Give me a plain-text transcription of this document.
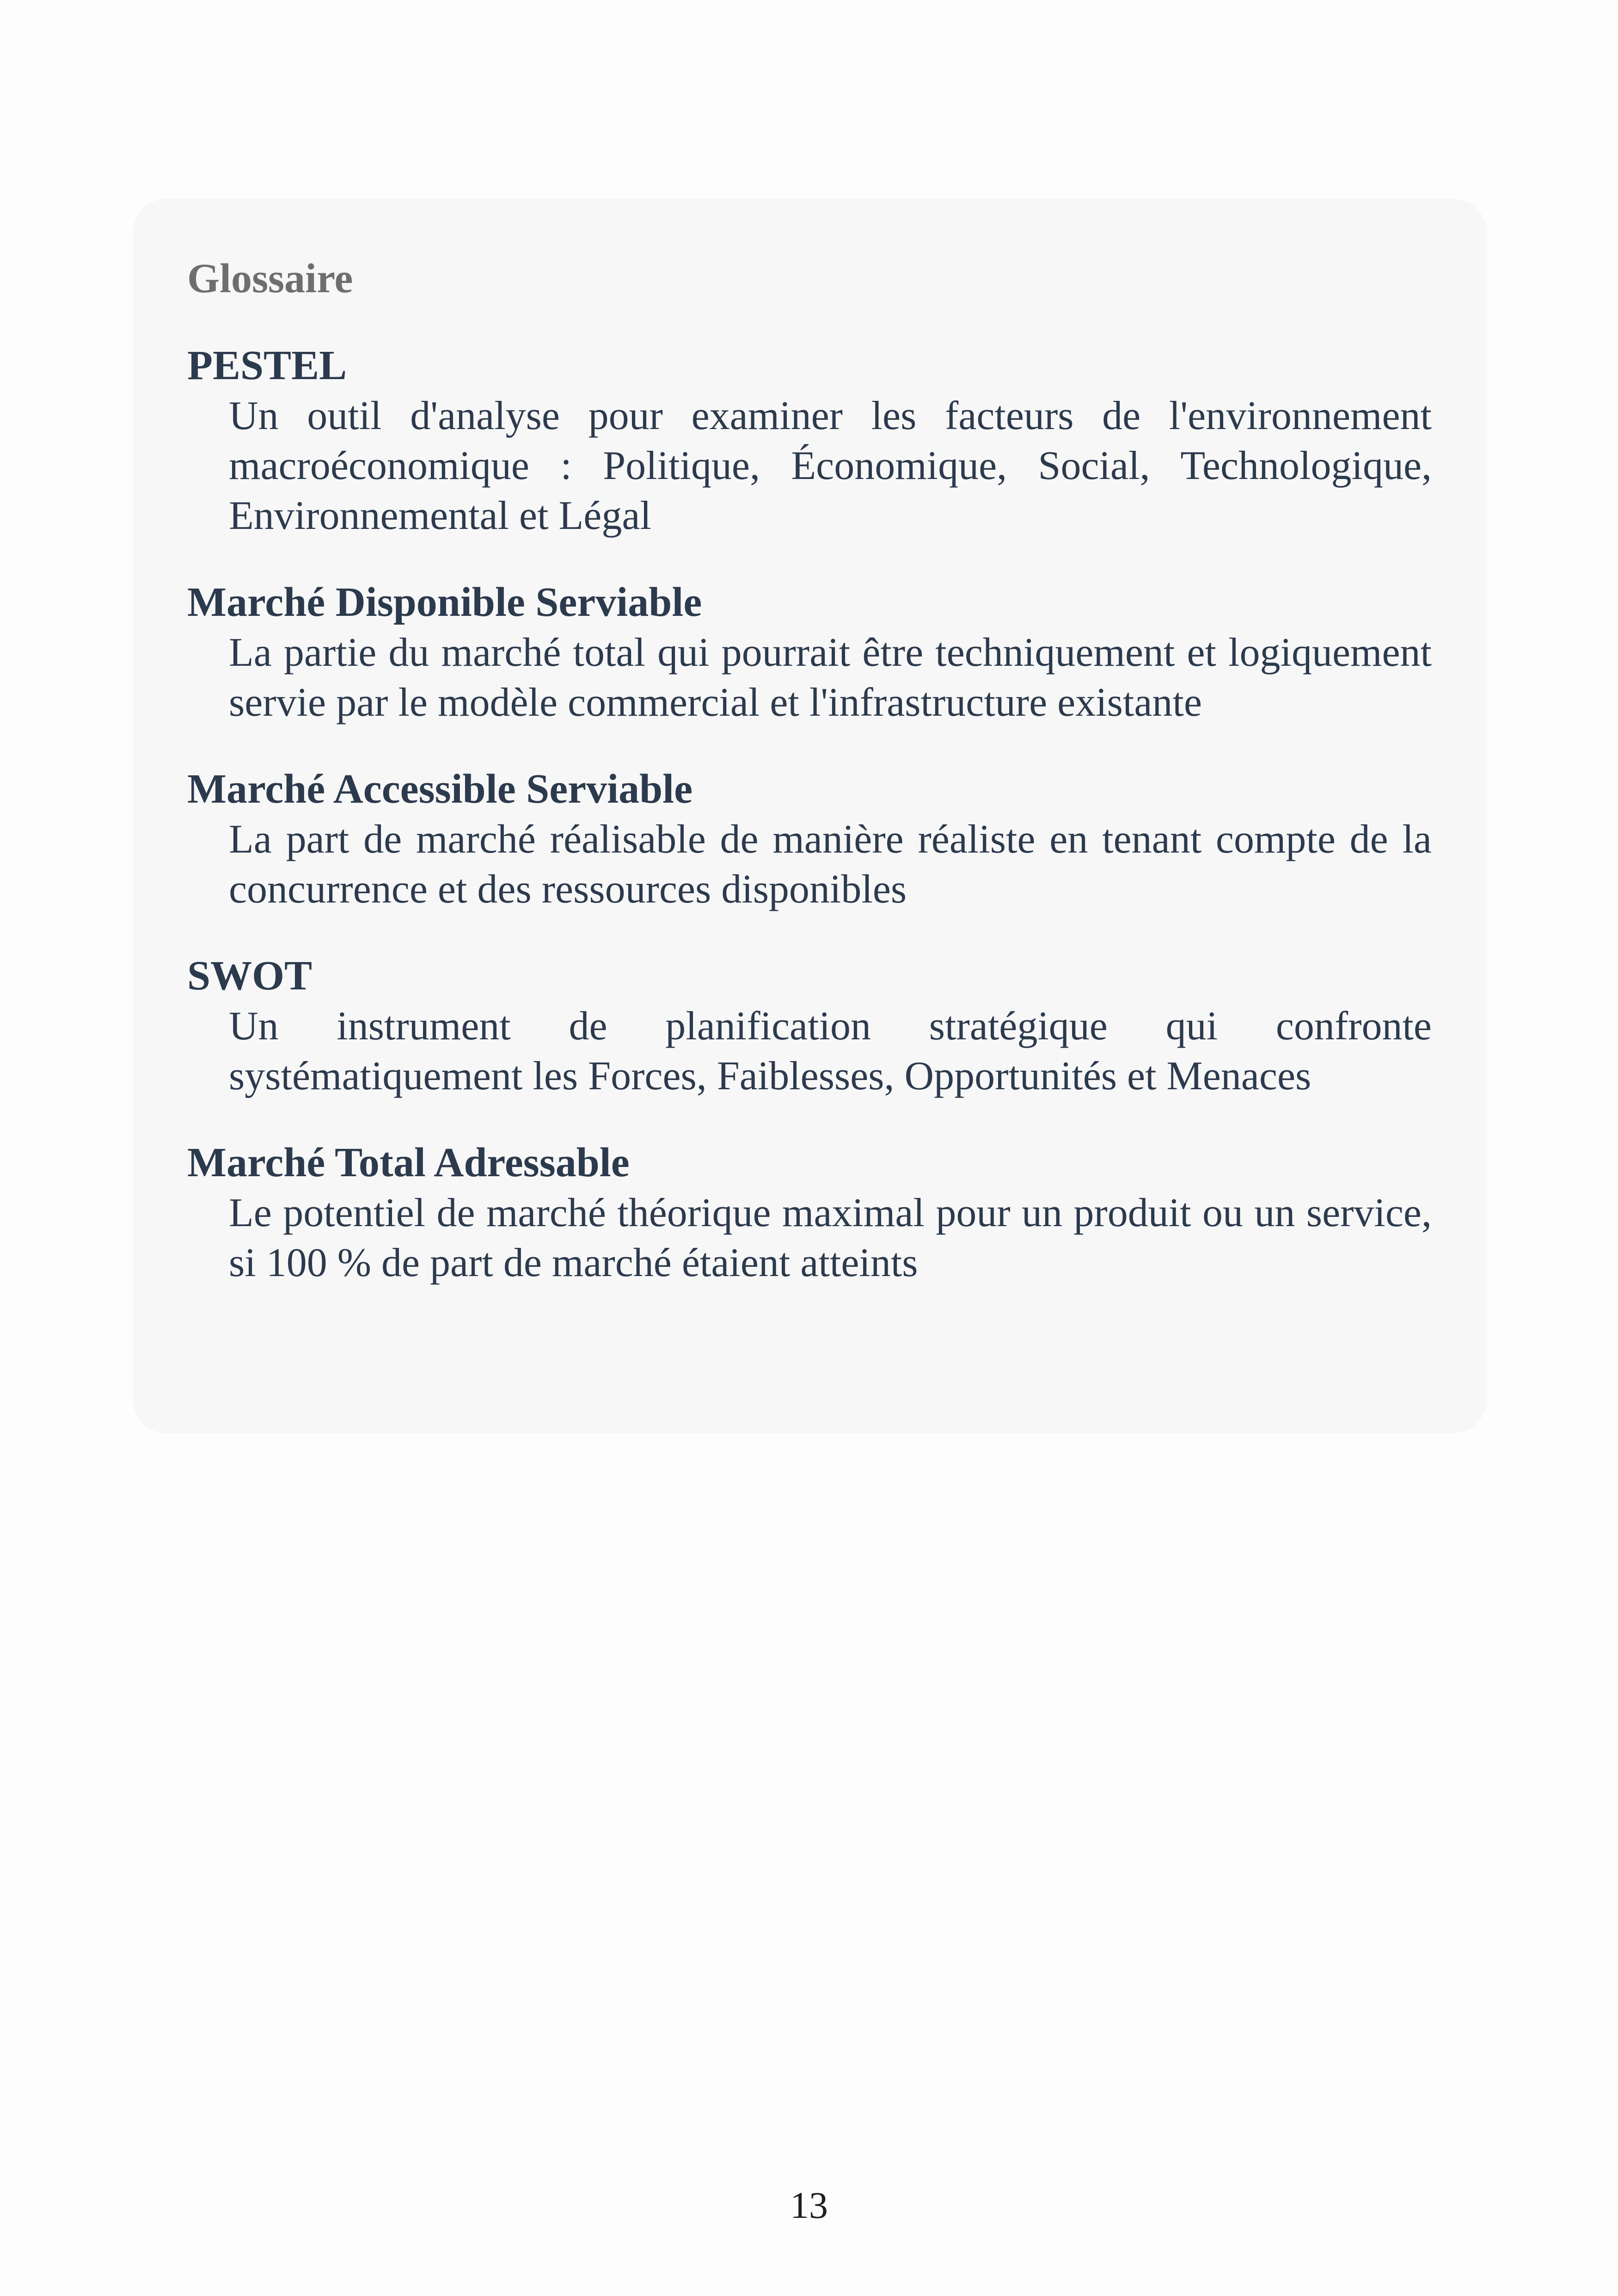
Glossaire
PESTEL
Un outil d'analyse pour examiner les facteurs de l'environnement macroéconomique : Politique, Économique, Social, Technologique, Environnemental et Légal
Marché Disponible Serviable
La partie du marché total qui pourrait être techniquement et logiquement servie par le modèle commercial et l'infrastructure existante
Marché Accessible Serviable
La part de marché réalisable de manière réaliste en tenant compte de la concurrence et des ressources disponibles
SWOT
Un instrument de planification stratégique qui confronte systématiquement les Forces, Faiblesses, Opportunités et Menaces
Marché Total Adressable
Le potentiel de marché théorique maximal pour un produit ou un service, si 100 % de part de marché étaient atteints
13
